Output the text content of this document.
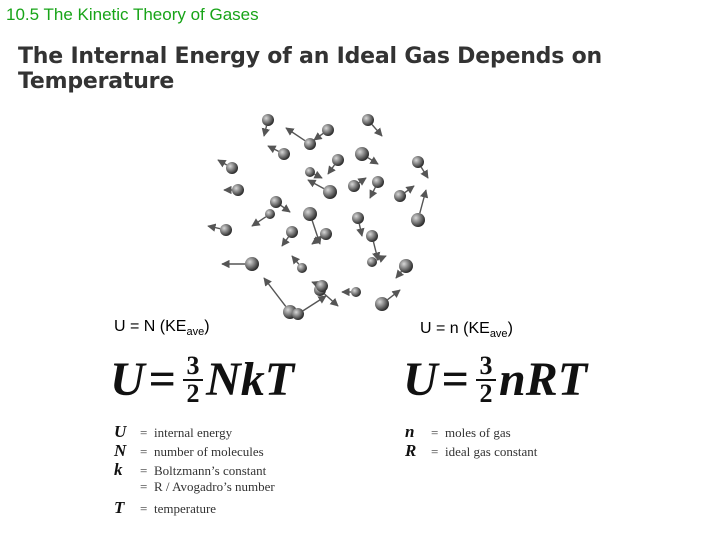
10.5 The Kinetic Theory of Gases
The Internal Energy of an Ideal Gas Depends on Temperature
U = N $(KE_{ave})$	U = n $(KE_{ave})$
$U = \frac{3}{2}$ NkT $U = \frac{3}{2}$ nRT
U	= internal energy
N	= number of molecules
k	= Boltzmann’s constant
= R / Avogadro’s number
T	= temperature
n	= moles of gas
R	= ideal gas constant
